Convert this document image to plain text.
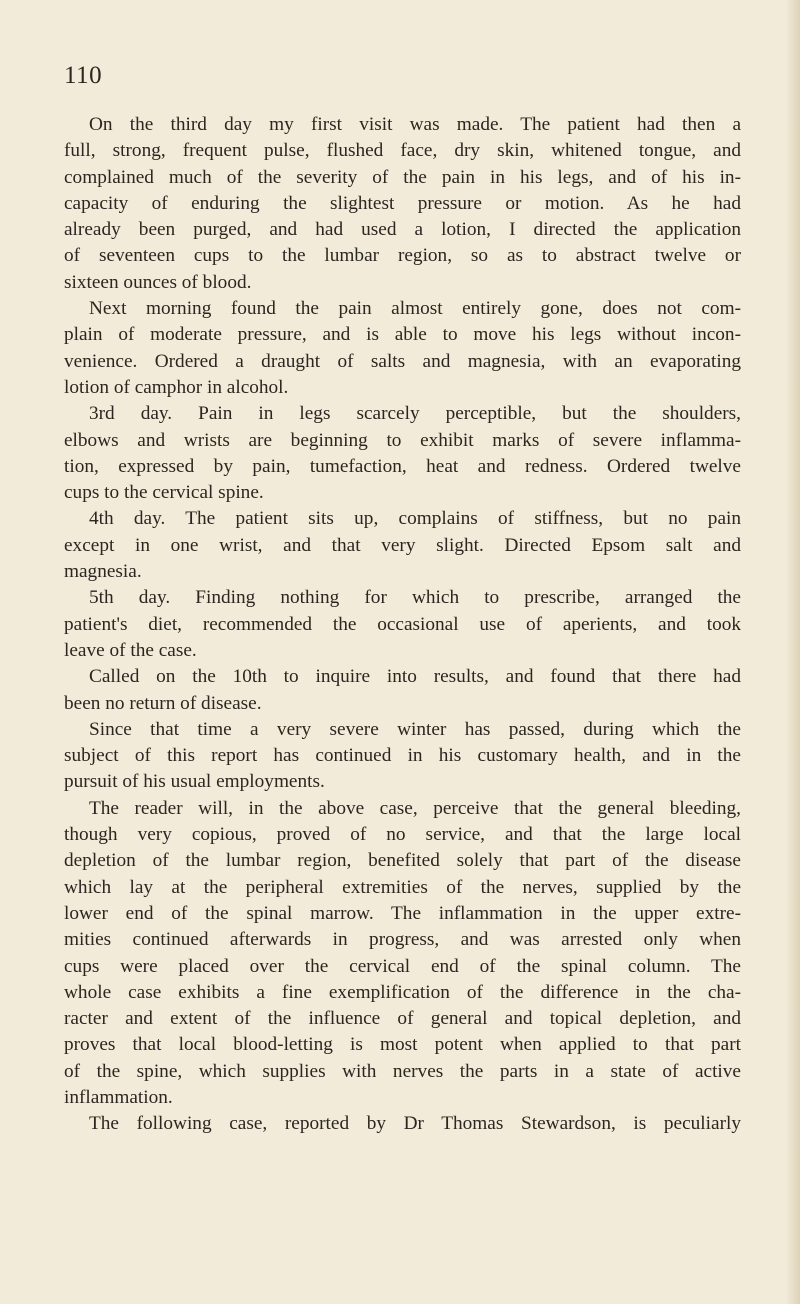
110
On the third day my first visit was made. The patient had then a
full, strong, frequent pulse, flushed face, dry skin, whitened tongue, and
complained much of the severity of the pain in his legs, and of his in-
capacity of enduring the slightest pressure or motion. As he had
already been purged, and had used a lotion, I directed the application
of seventeen cups to the lumbar region, so as to abstract twelve or
sixteen ounces of blood.
Next morning found the pain almost entirely gone, does not com-
plain of moderate pressure, and is able to move his legs without incon-
venience. Ordered a draught of salts and magnesia, with an evaporating
lotion of camphor in alcohol.
3rd day. Pain in legs scarcely perceptible, but the shoulders,
elbows and wrists are beginning to exhibit marks of severe inflamma-
tion, expressed by pain, tumefaction, heat and redness. Ordered twelve
cups to the cervical spine.
4th day. The patient sits up, complains of stiffness, but no pain
except in one wrist, and that very slight. Directed Epsom salt and
magnesia.
5th day. Finding nothing for which to prescribe, arranged the
patient's diet, recommended the occasional use of aperients, and took
leave of the case.
Called on the 10th to inquire into results, and found that there had
been no return of disease.
Since that time a very severe winter has passed, during which the
subject of this report has continued in his customary health, and in the
pursuit of his usual employments.
The reader will, in the above case, perceive that the general bleeding,
though very copious, proved of no service, and that the large local
depletion of the lumbar region, benefited solely that part of the disease
which lay at the peripheral extremities of the nerves, supplied by the
lower end of the spinal marrow. The inflammation in the upper extre-
mities continued afterwards in progress, and was arrested only when
cups were placed over the cervical end of the spinal column. The
whole case exhibits a fine exemplification of the difference in the cha-
racter and extent of the influence of general and topical depletion, and
proves that local blood-letting is most potent when applied to that part
of the spine, which supplies with nerves the parts in a state of active
inflammation.
The following case, reported by Dr Thomas Stewardson, is peculiarly
